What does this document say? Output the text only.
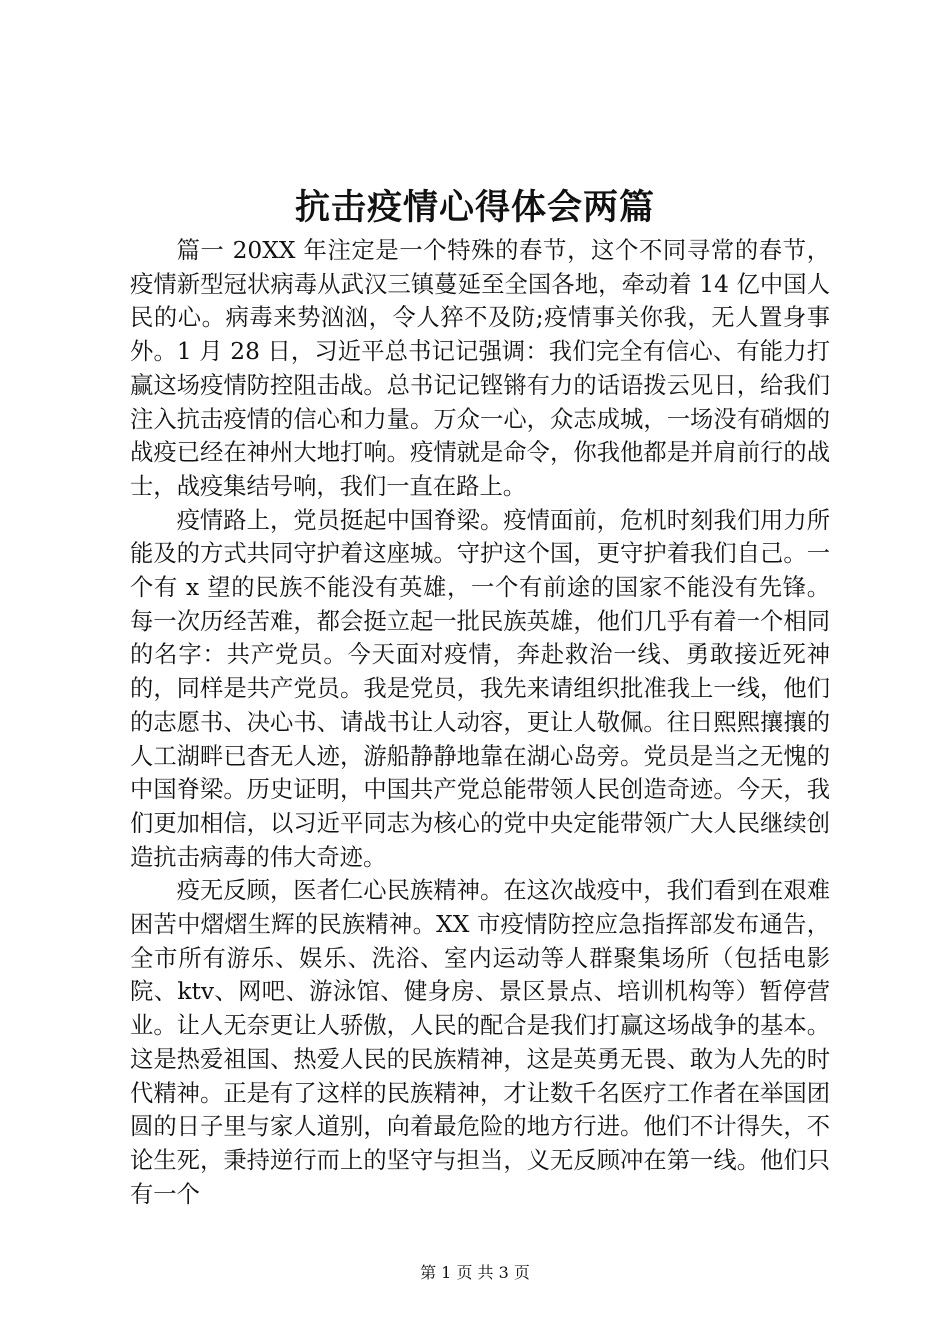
抗击疫情心得体会两篇

篇一 20XX 年注定是一个特殊的春节，这个不同寻常的春节，疫情新型冠状病毒从武汉三镇蔓延至全国各地，牵动着 14 亿中国人民的心。病毒来势汹汹，令人猝不及防;疫情事关你我，无人置身事外。1 月 28 日，习近平总书记记强调：我们完全有信心、有能力打赢这场疫情防控阻击战。总书记记铿锵有力的话语拨云见日，给我们注入抗击疫情的信心和力量。万众一心，众志成城，一场没有硝烟的战疫已经在神州大地打响。疫情就是命令，你我他都是并肩前行的战士，战疫集结号响，我们一直在路上。

疫情路上，党员挺起中国脊梁。疫情面前，危机时刻我们用力所能及的方式共同守护着这座城。守护这个国，更守护着我们自己。一个有 x 望的民族不能没有英雄，一个有前途的国家不能没有先锋。每一次历经苦难，都会挺立起一批民族英雄，他们几乎有着一个相同的名字：共产党员。今天面对疫情，奔赴救治一线、勇敢接近死神的，同样是共产党员。我是党员，我先来请组织批准我上一线，他们的志愿书、决心书、请战书让人动容，更让人敬佩。往日熙熙攘攘的人工湖畔已杳无人迹，游船静静地靠在湖心岛旁。党员是当之无愧的中国脊梁。历史证明，中国共产党总能带领人民创造奇迹。今天，我们更加相信，以习近平同志为核心的党中央定能带领广大人民继续创造抗击病毒的伟大奇迹。

疫无反顾，医者仁心民族精神。在这次战疫中，我们看到在艰难困苦中熠熠生辉的民族精神。XX 市疫情防控应急指挥部发布通告，全市所有游乐、娱乐、洗浴、室内运动等人群聚集场所（包括电影院、ktv、网吧、游泳馆、健身房、景区景点、培训机构等）暂停营业。让人无奈更让人骄傲，人民的配合是我们打赢这场战争的基本。这是热爱祖国、热爱人民的民族精神，这是英勇无畏、敢为人先的时代精神。正是有了这样的民族精神，才让数千名医疗工作者在举国团圆的日子里与家人道别，向着最危险的地方行进。他们不计得失，不论生死，秉持逆行而上的坚守与担当，义无反顾冲在第一线。他们只有一个

第 1 页 共 3 页
